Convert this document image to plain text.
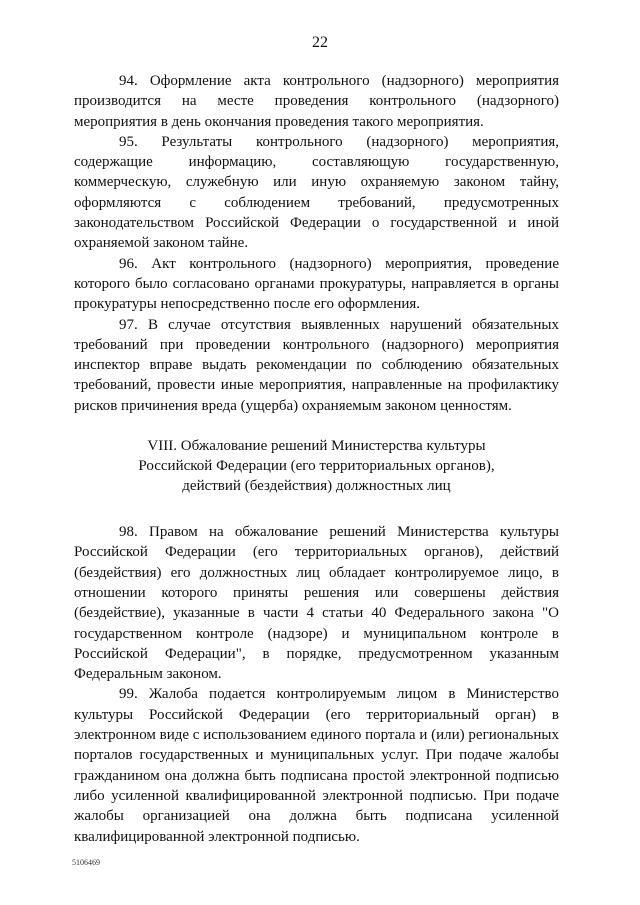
22

94. Оформление акта контрольного (надзорного) мероприятия производится на месте проведения контрольного (надзорного) мероприятия в день окончания проведения такого мероприятия.

95. Результаты контрольного (надзорного) мероприятия, содержащие информацию, составляющую государственную, коммерческую, служебную или иную охраняемую законом тайну, оформляются с соблюдением требований, предусмотренных законодательством Российской Федерации о государственной и иной охраняемой законом тайне.

96. Акт контрольного (надзорного) мероприятия, проведение которого было согласовано органами прокуратуры, направляется в органы прокуратуры непосредственно после его оформления.

97. В случае отсутствия выявленных нарушений обязательных требований при проведении контрольного (надзорного) мероприятия инспектор вправе выдать рекомендации по соблюдению обязательных требований, провести иные мероприятия, направленные на профилактику рисков причинения вреда (ущерба) охраняемым законом ценностям.

VIII. Обжалование решений Министерства культуры
Российской Федерации (его территориальных органов),
действий (бездействия) должностных лиц

98. Правом на обжалование решений Министерства культуры Российской Федерации (его территориальных органов), действий (бездействия) его должностных лиц обладает контролируемое лицо, в отношении которого приняты решения или совершены действия (бездействие), указанные в части 4 статьи 40 Федерального закона "О государственном контроле (надзоре) и муниципальном контроле в Российской Федерации", в порядке, предусмотренном указанным Федеральным законом.

99. Жалоба подается контролируемым лицом в Министерство культуры Российской Федерации (его территориальный орган) в электронном виде с использованием единого портала и (или) региональных порталов государственных и муниципальных услуг. При подаче жалобы гражданином она должна быть подписана простой электронной подписью либо усиленной квалифицированной электронной подписью. При подаче жалобы организацией она должна быть подписана усиленной квалифицированной электронной подписью.

5106469
